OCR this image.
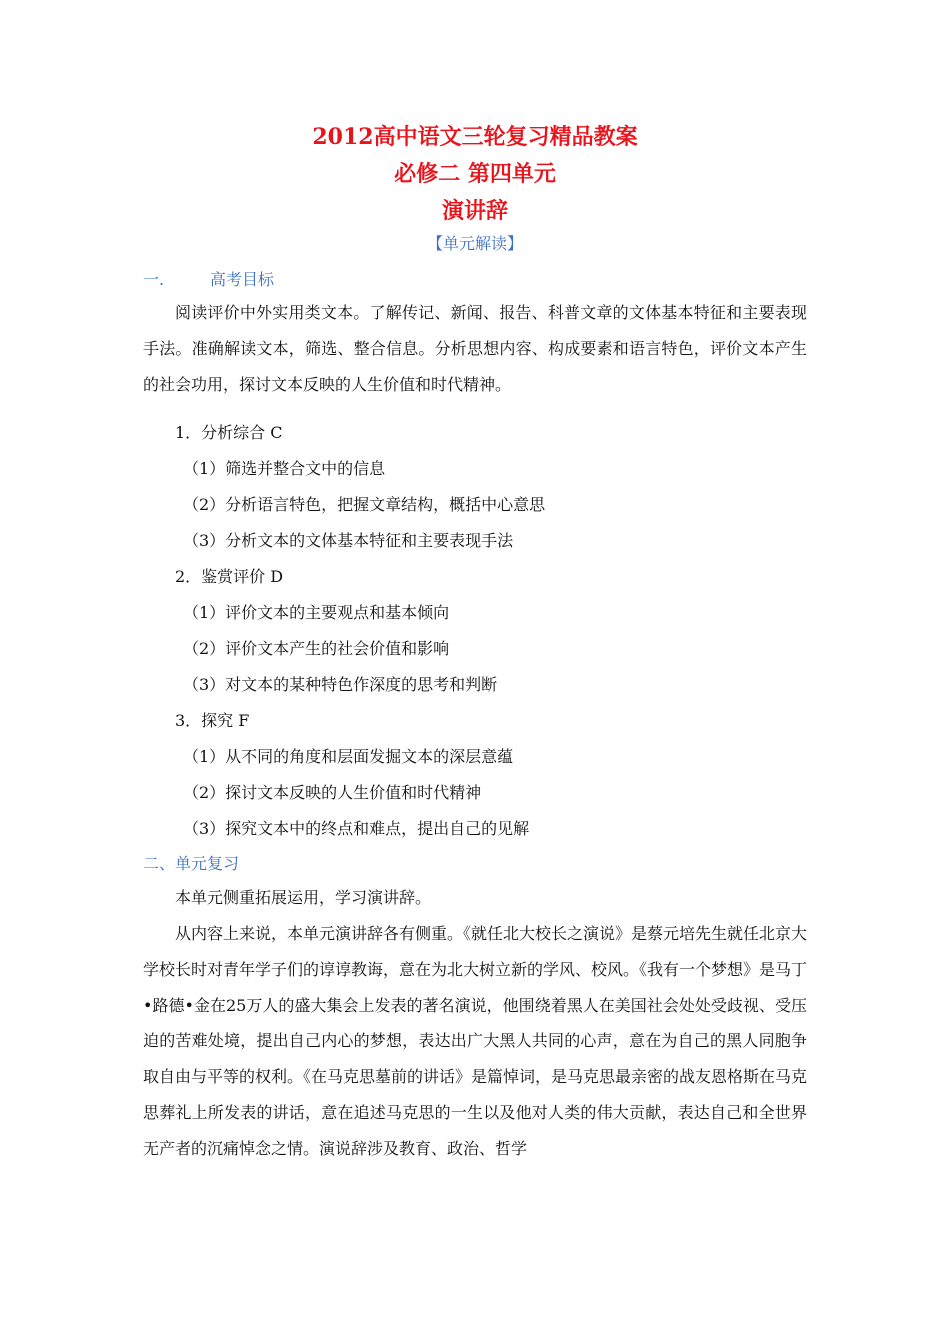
2012高中语文三轮复习精品教案
必修二 第四单元
演讲辞
【单元解读】
一.	高考目标
阅读评价中外实用类文本。了解传记、新闻、报告、科普文章的文体基本特征和主要表现手法。准确解读文本，筛选、整合信息。分析思想内容、构成要素和语言特色，评价文本产生的社会功用，探讨文本反映的人生价值和时代精神。
1．分析综合 C
（1）筛选并整合文中的信息
（2）分析语言特色，把握文章结构，概括中心意思
（3）分析文本的文体基本特征和主要表现手法
2．鉴赏评价 D
（1）评价文本的主要观点和基本倾向
（2）评价文本产生的社会价值和影响
（3）对文本的某种特色作深度的思考和判断
3．探究 F
（1）从不同的角度和层面发掘文本的深层意蕴
（2）探讨文本反映的人生价值和时代精神
（3）探究文本中的终点和难点，提出自己的见解
二、单元复习
本单元侧重拓展运用，学习演讲辞。
从内容上来说，本单元演讲辞各有侧重。《就任北大校长之演说》是蔡元培先生就任北京大学校长时对青年学子们的谆谆教诲，意在为北大树立新的学风、校风。《我有一个梦想》是马丁•路德•金在25万人的盛大集会上发表的著名演说，他围绕着黑人在美国社会处处受歧视、受压迫的苦难处境，提出自己内心的梦想，表达出广大黑人共同的心声，意在为自己的黑人同胞争取自由与平等的权利。《在马克思墓前的讲话》是篇悼词，是马克思最亲密的战友恩格斯在马克思葬礼上所发表的讲话，意在追述马克思的一生以及他对人类的伟大贡献，表达自己和全世界无产者的沉痛悼念之情。演说辞涉及教育、政治、哲学
